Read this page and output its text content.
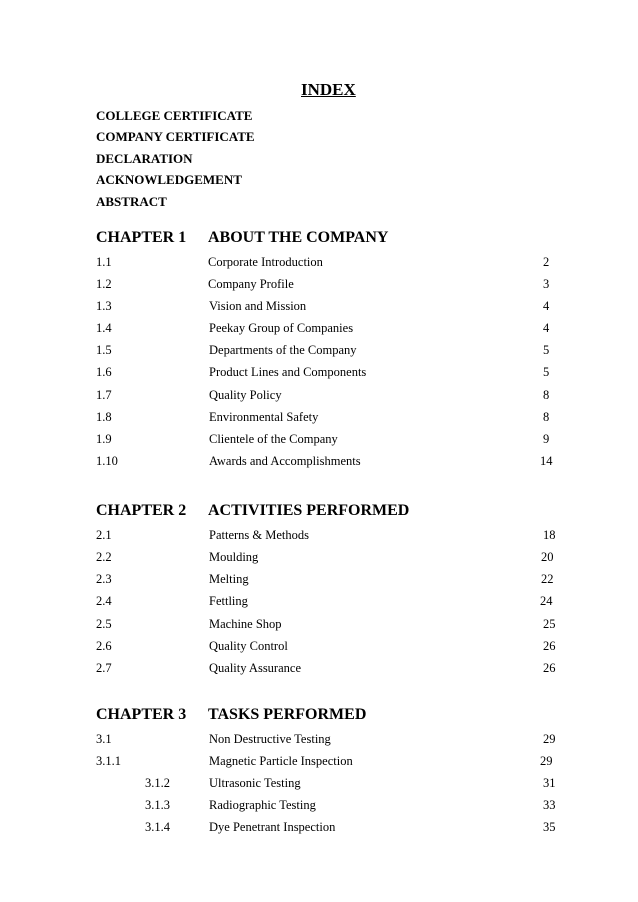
INDEX
COLLEGE CERTIFICATE
COMPANY CERTIFICATE
DECLARATION
ACKNOWLEDGEMENT
ABSTRACT
CHAPTER 1 ABOUT THE COMPANY
1.1	Corporate Introduction	2
1.2	Company Profile	3
1.3	Vision and Mission	4
1.4	Peekay Group of Companies	4
1.5	Departments of the Company	5
1.6	Product Lines and Components	5
1.7	Quality Policy	8
1.8	Environmental Safety	8
1.9	Clientele of the Company	9
1.10	Awards and Accomplishments	14
CHAPTER 2 ACTIVITIES PERFORMED
2.1	Patterns & Methods	18
2.2	Moulding	20
2.3	Melting	22
2.4	Fettling	24
2.5	Machine Shop	25
2.6	Quality Control	26
2.7	Quality Assurance	26
CHAPTER 3 TASKS PERFORMED
3.1	Non Destructive Testing	29
3.1.1	Magnetic Particle Inspection	29
3.1.2	Ultrasonic Testing	31
3.1.3	Radiographic Testing	33
3.1.4	Dye Penetrant Inspection	35
